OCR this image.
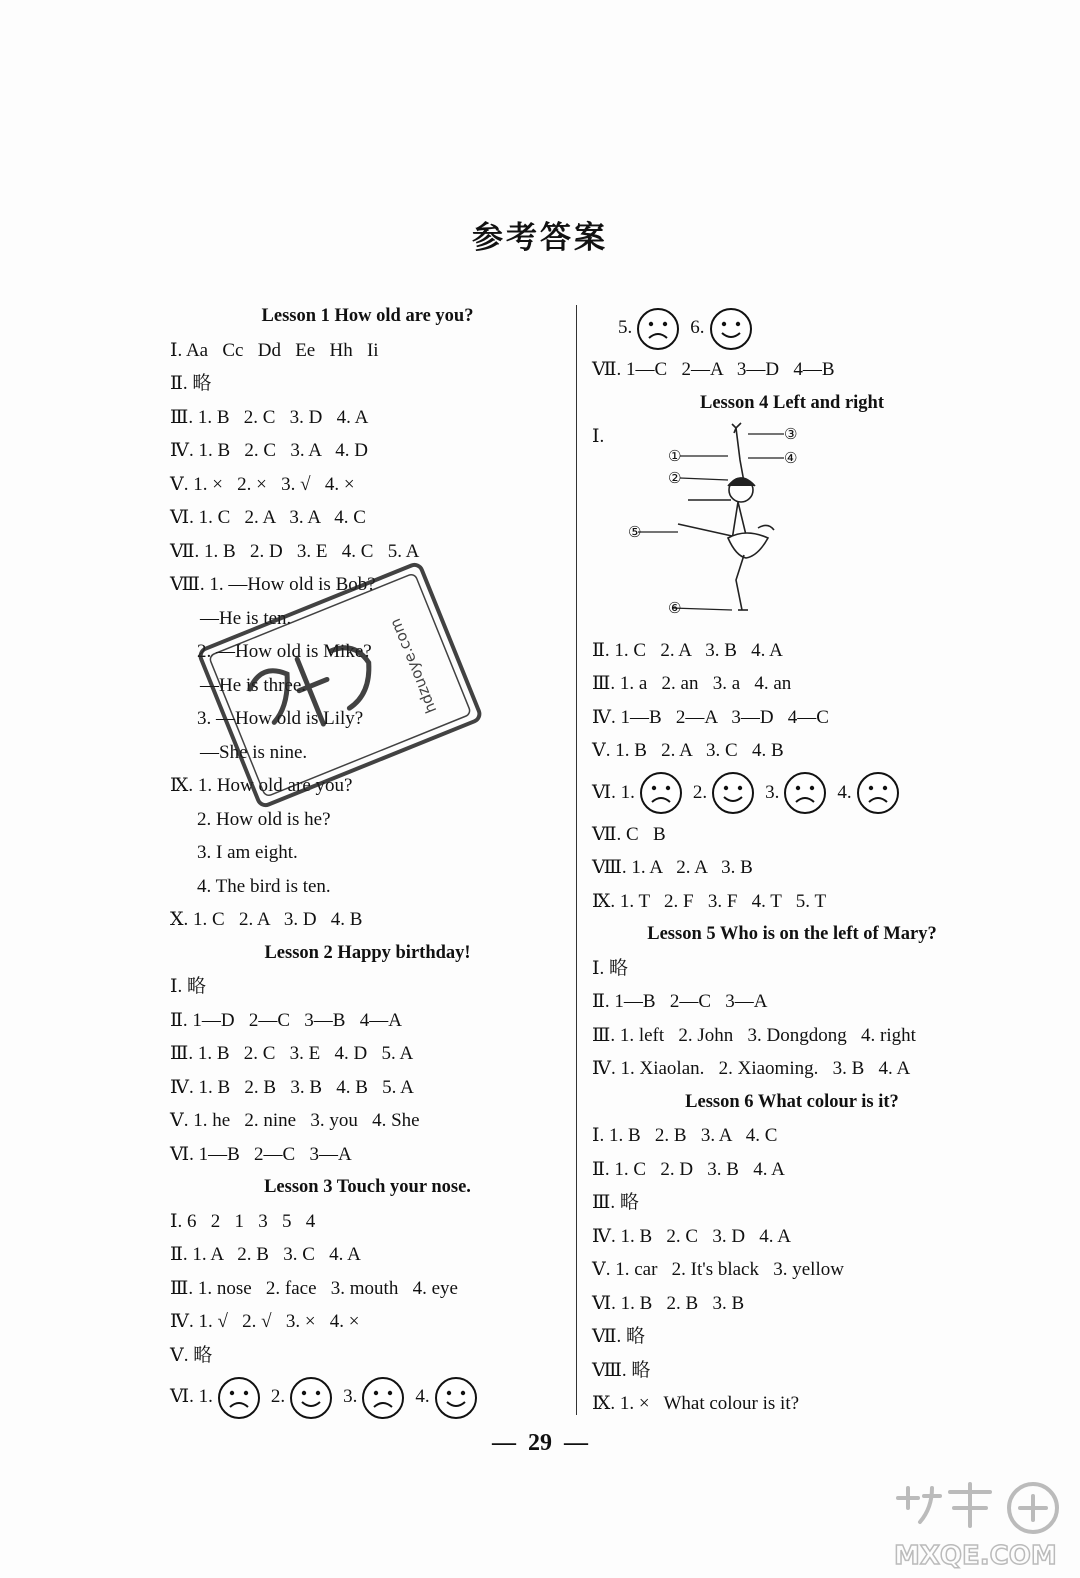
参考答案
Lesson 1 How old are you?
Ⅰ. Aa   Cc   Dd   Ee   Hh   Ii
Ⅱ. 略
Ⅲ. 1. B   2. C   3. D   4. A
Ⅳ. 1. B   2. C   3. A   4. D
Ⅴ. 1. ×   2. ×   3. √   4. ×
Ⅵ. 1. C   2. A   3. A   4. C
Ⅶ. 1. B   2. D   3. E   4. C   5. A
Ⅷ. 1. —How old is Bob?
—He is ten.
2. —How old is Mike?
—He is three.
3. —How old is Lily?
—She is nine.
Ⅸ. 1. How old are you?
2. How old is he?
3. I am eight.
4. The bird is ten.
Ⅹ. 1. C   2. A   3. D   4. B
Lesson 2 Happy birthday!
Ⅰ. 略
Ⅱ. 1—D   2—C   3—B   4—A
Ⅲ. 1. B   2. C   3. E   4. D   5. A
Ⅳ. 1. B   2. B   3. B   4. B   5. A
Ⅴ. 1. he   2. nine   3. you   4. She
Ⅵ. 1—B   2—C   3—A
Lesson 3 Touch your nose.
Ⅰ. 6   2   1   3   5   4
Ⅱ. 1. A   2. B   3. C   4. A
Ⅲ. 1. nose   2. face   3. mouth   4. eye
Ⅳ. 1. √   2. √   3. ×   4. ×
Ⅴ. 略
Ⅵ. 1.	2.	3.	4.
5.	6.
Ⅶ. 1—C   2—A   3—D   4—B
Lesson 4 Left and right
Ⅰ.
Ⅱ. 1. C   2. A   3. B   4. A
Ⅲ. 1. a   2. an   3. a   4. an
Ⅳ. 1—B   2—A   3—D   4—C
Ⅴ. 1. B   2. A   3. C   4. B
Ⅵ. 1.	2.	3.	4.
Ⅶ. C   B
Ⅷ. 1. A   2. A   3. B
Ⅸ. 1. T   2. F   3. F   4. T   5. T
Lesson 5 Who is on the left of Mary?
Ⅰ. 略
Ⅱ. 1—B   2—C   3—A
Ⅲ. 1. left   2. John   3. Dongdong   4. right
Ⅳ. 1. Xiaolan.   2. Xiaoming.   3. B   4. A
Lesson 6 What colour is it?
Ⅰ. 1. B   2. B   3. A   4. C
Ⅱ. 1. C   2. D   3. B   4. A
Ⅲ. 略
Ⅳ. 1. B   2. C   3. D   4. A
Ⅴ. 1. car   2. It's black   3. yellow
Ⅵ. 1. B   2. B   3. B
Ⅶ. 略
Ⅷ. 略
Ⅸ. 1. ×   What colour is it?
①
②
③
④
⑤
⑥
hdzuoye.com
MXQE.COM
—  29  —
